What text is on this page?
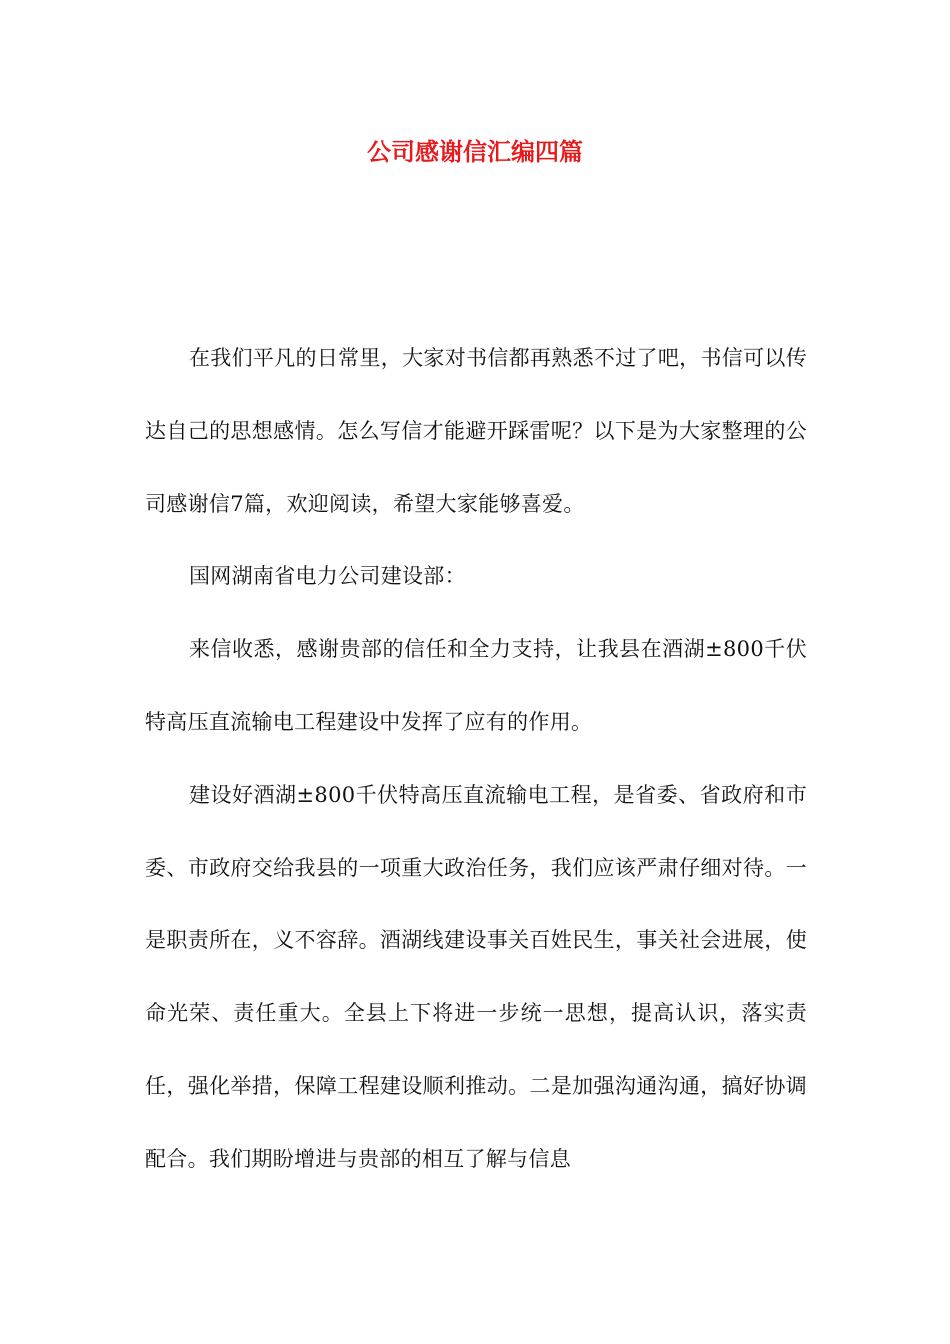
公司感谢信汇编四篇

在我们平凡的日常里，大家对书信都再熟悉不过了吧，书信可以传达自己的思想感情。怎么写信才能避开踩雷呢？以下是为大家整理的公司感谢信7篇，欢迎阅读，希望大家能够喜爱。

国网湖南省电力公司建设部：

来信收悉，感谢贵部的信任和全力支持，让我县在酒湖±800千伏特高压直流输电工程建设中发挥了应有的作用。

建设好酒湖±800千伏特高压直流输电工程，是省委、省政府和市委、市政府交给我县的一项重大政治任务，我们应该严肃仔细对待。一是职责所在，义不容辞。酒湖线建设事关百姓民生，事关社会进展，使命光荣、责任重大。全县上下将进一步统一思想，提高认识，落实责任，强化举措，保障工程建设顺利推动。二是加强沟通沟通，搞好协调配合。我们期盼增进与贵部的相互了解与信息
